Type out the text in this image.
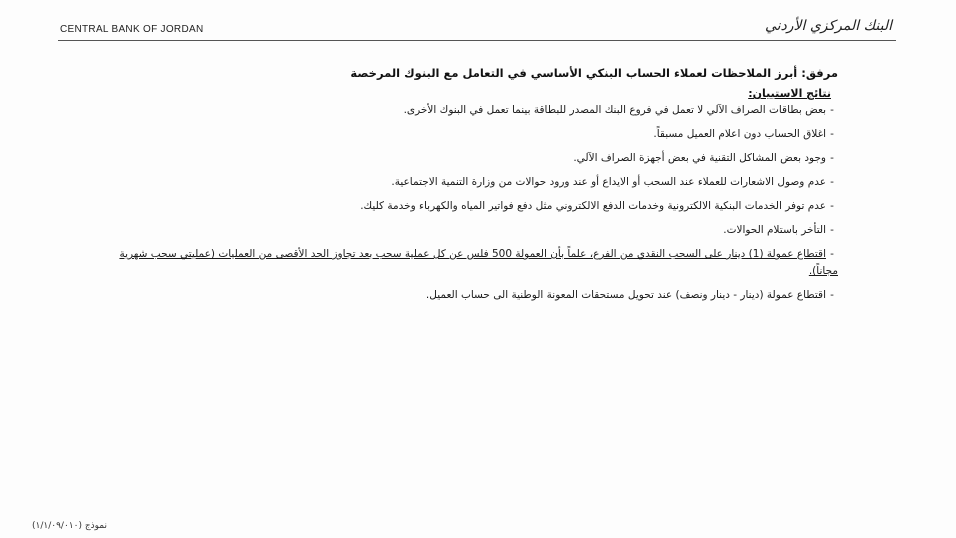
CENTRAL BANK OF JORDAN	البنك المركزي الأردني
مرفق: أبرز الملاحظات لعملاء الحساب البنكي الأساسي في التعامل مع البنوك المرخصة
نتائج الاستبيان:
-بعض بطاقات الصراف الآلي لا تعمل في فروع البنك المصدر للبطاقة بينما تعمل في البنوك الأخرى.
-اغلاق الحساب دون اعلام العميل مسبقاً.
-وجود بعض المشاكل التقنية في بعض أجهزة الصراف الآلي.
-عدم وصول الاشعارات للعملاء عند السحب أو الايداع أو عند ورود حوالات من وزارة التنمية الاجتماعية.
-عدم توفر الخدمات البنكية الالكترونية وخدمات الدفع الالكتروني مثل دفع فواتير المياه والكهرباء وخدمة كليك.
-التأخر باستلام الحوالات.
-اقتطاع عمولة (1) دينار على السحب النقدي من الفرع، علماً بأن العمولة 500 فلس عن كل عملية سحب بعد تجاوز الحد الأقصى من العمليات (عمليتي سحب شهرية مجاناً).
-اقتطاع عمولة (دينار - دينار ونصف) عند تحويل مستحقات المعونة الوطنية الى حساب العميل.
نموذج (١/١/٠٩/٠١٠)
